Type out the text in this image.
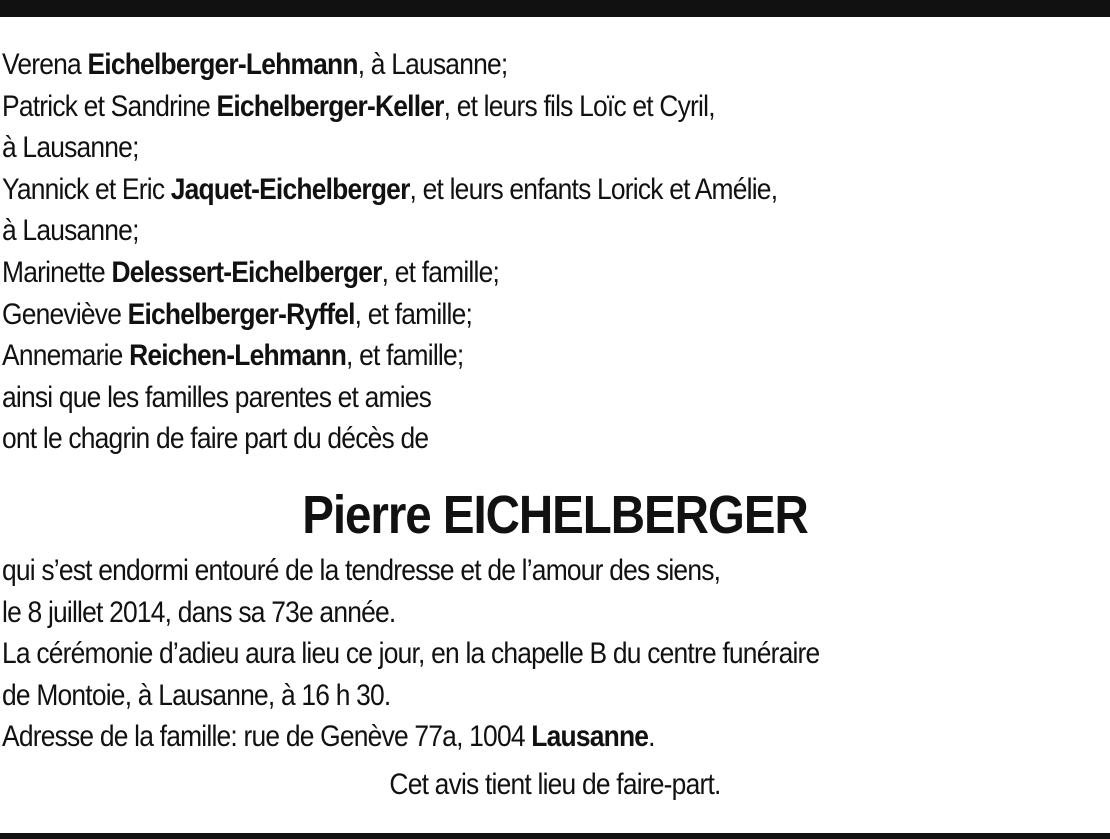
Verena Eichelberger-Lehmann, à Lausanne;
Patrick et Sandrine Eichelberger-Keller, et leurs fils Loïc et Cyril,
à Lausanne;
Yannick et Eric Jaquet-Eichelberger, et leurs enfants Lorick et Amélie,
à Lausanne;
Marinette Delessert-Eichelberger, et famille;
Geneviève Eichelberger-Ryffel, et famille;
Annemarie Reichen-Lehmann, et famille;
ainsi que les familles parentes et amies
ont le chagrin de faire part du décès de
Pierre EICHELBERGER
qui s’est endormi entouré de la tendresse et de l’amour des siens,
le 8 juillet 2014, dans sa 73e année.
La cérémonie d’adieu aura lieu ce jour, en la chapelle B du centre funéraire
de Montoie, à Lausanne, à 16 h 30.
Adresse de la famille: rue de Genève 77a, 1004 Lausanne.
Cet avis tient lieu de faire-part.
